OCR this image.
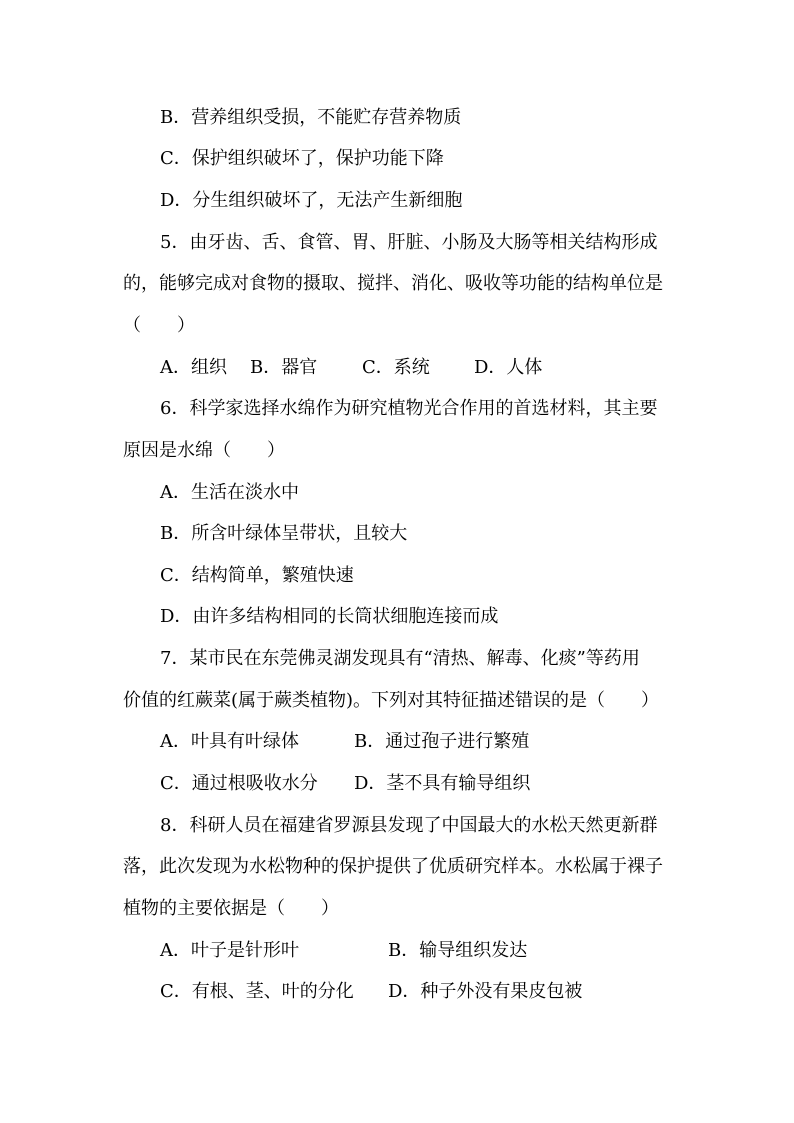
B．营养组织受损，不能贮存营养物质
C．保护组织破坏了，保护功能下降
D．分生组织破坏了，无法产生新细胞
5．由牙齿、舌、食管、胃、肝脏、小肠及大肠等相关结构形成
的，能够完成对食物的摄取、搅拌、消化、吸收等功能的结构单位是
（　　）
A．组织 B．器官 C．系统 D．人体
6．科学家选择水绵作为研究植物光合作用的首选材料，其主要
原因是水绵（　　）
A．生活在淡水中
B．所含叶绿体呈带状，且较大
C．结构简单，繁殖快速
D．由许多结构相同的长筒状细胞连接而成
7．某市民在东莞佛灵湖发现具有“清热、解毒、化痰”等药用
价值的红蕨菜(属于蕨类植物)。下列对其特征描述错误的是（　　）
A．叶具有叶绿体	B．通过孢子进行繁殖
C．通过根吸收水分 D．茎不具有输导组织
8．科研人员在福建省罗源县发现了中国最大的水松天然更新群
落，此次发现为水松物种的保护提供了优质研究样本。水松属于裸子
植物的主要依据是（　　）
A．叶子是针形叶	B．输导组织发达
C．有根、茎、叶的分化 D．种子外没有果皮包被
